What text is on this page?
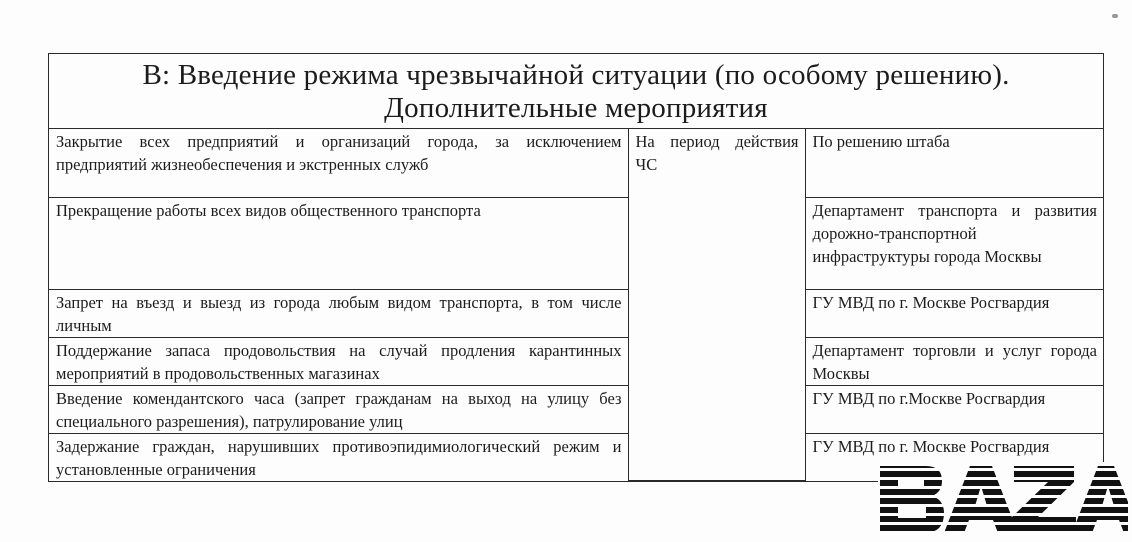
В: Введение режима чрезвычайной ситуации (по особому решению).
Дополнительные мероприятия
Закрытие всех предприятий и организаций города, за исключением предприятий жизнеобеспечения и экстренных служб	На период действия ЧС	По решению штаба
Прекращение работы всех видов общественного транспорта		Департамент транспорта и развития дорожно-транспортной инфраструктуры города Москвы
Запрет на въезд и выезд из города любым видом транспорта, в том числе личным		ГУ МВД по г. Москве Росгвардия
Поддержание запаса продовольствия на случай продления карантинных мероприятий в продовольственных магазинах		Департамент торговли и услуг города Москвы
Введение комендантского часа (запрет гражданам на выход на улицу без специального разрешения), патрулирование улиц		ГУ МВД по г.Москве Росгвардия
Задержание граждан, нарушивших противоэпидимиологический режим и установленные ограничения		ГУ МВД по г. Москве Росгвардия
